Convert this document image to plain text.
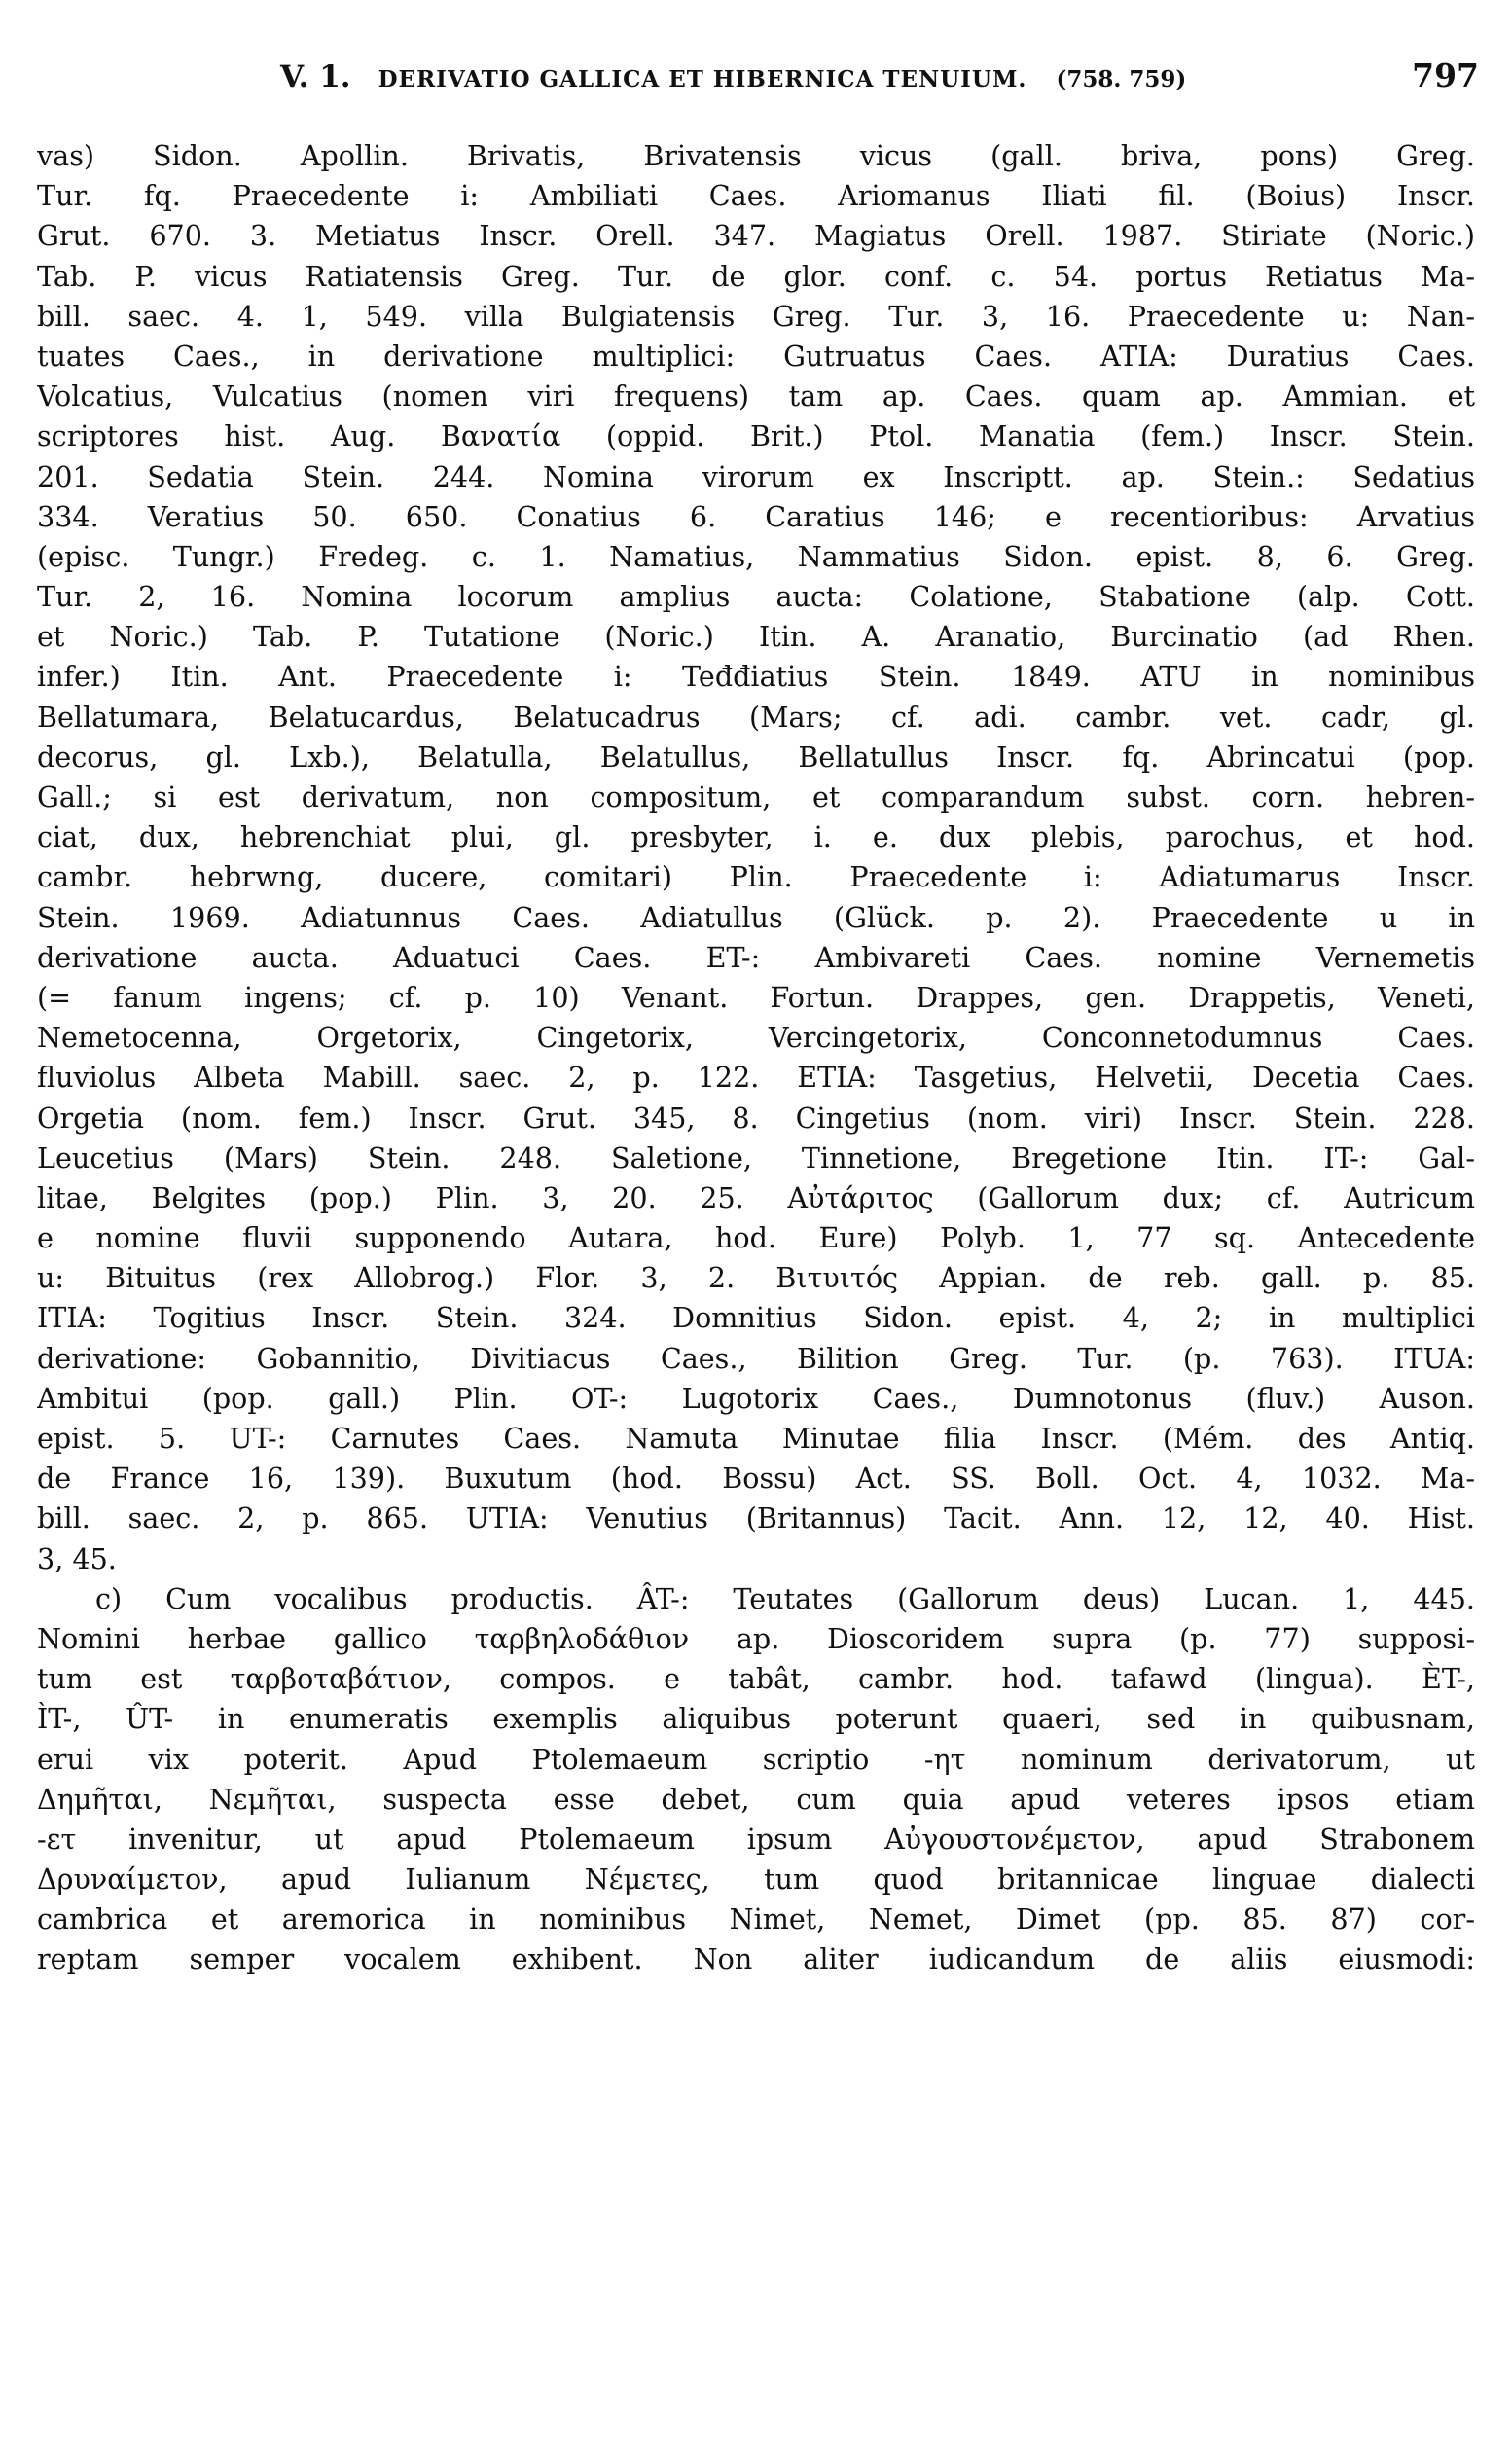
V. 1. DERIVATIO GALLICA ET HIBERNICA TENUIUM. (758. 759)	797
vas) Sidon. Apollin. Brivatis, Brivatensis vicus (gall. briva, pons) Greg.
Tur. fq. Praecedente i: Ambiliati Caes. Ariomanus Iliati fil. (Boius) Inscr.
Grut. 670. 3. Metiatus Inscr. Orell. 347. Magiatus Orell. 1987. Stiriate (Noric.)
Tab. P. vicus Ratiatensis Greg. Tur. de glor. conf. c. 54. portus Retiatus Ma-
bill. saec. 4. 1, 549. villa Bulgiatensis Greg. Tur. 3, 16. Praecedente u: Nan-
tuates Caes., in derivatione multiplici: Gutruatus Caes. ATIA: Duratius Caes.
Volcatius, Vulcatius (nomen viri frequens) tam ap. Caes. quam ap. Ammian. et
scriptores hist. Aug. Βανατία (oppid. Brit.) Ptol. Manatia (fem.) Inscr. Stein.
201. Sedatia Stein. 244. Nomina virorum ex Inscriptt. ap. Stein.: Sedatius
334. Veratius 50. 650. Conatius 6. Caratius 146; e recentioribus: Arvatius
(episc. Tungr.) Fredeg. c. 1. Namatius, Nammatius Sidon. epist. 8, 6. Greg.
Tur. 2, 16. Nomina locorum amplius aucta: Colatione, Stabatione (alp. Cott.
et Noric.) Tab. P. Tutatione (Noric.) Itin. A. Aranatio, Burcinatio (ad Rhen.
infer.) Itin. Ant. Praecedente i: Teđđiatius Stein. 1849. ATU in nominibus
Bellatumara, Belatucardus, Belatucadrus (Mars; cf. adi. cambr. vet. cadr, gl.
decorus, gl. Lxb.), Belatulla, Belatullus, Bellatullus Inscr. fq. Abrincatui (pop.
Gall.; si est derivatum, non compositum, et comparandum subst. corn. hebren-
ciat, dux, hebrenchiat plui, gl. presbyter, i. e. dux plebis, parochus, et hod.
cambr. hebrwng, ducere, comitari) Plin. Praecedente i: Adiatumarus Inscr.
Stein. 1969. Adiatunnus Caes. Adiatullus (Glück. p. 2). Praecedente u in
derivatione aucta. Aduatuci Caes. ET-: Ambivareti Caes. nomine Vernemetis
(= fanum ingens; cf. p. 10) Venant. Fortun. Drappes, gen. Drappetis, Veneti,
Nemetocenna, Orgetorix, Cingetorix, Vercingetorix, Conconnetodumnus Caes.
fluviolus Albeta Mabill. saec. 2, p. 122. ETIA: Tasgetius, Helvetii, Decetia Caes.
Orgetia (nom. fem.) Inscr. Grut. 345, 8. Cingetius (nom. viri) Inscr. Stein. 228.
Leucetius (Mars) Stein. 248. Saletione, Tinnetione, Bregetione Itin. IT-: Gal-
litae, Belgites (pop.) Plin. 3, 20. 25. Αὐτάριτος (Gallorum dux; cf. Autricum
e nomine fluvii supponendo Autara, hod. Eure) Polyb. 1, 77 sq. Antecedente
u: Bituitus (rex Allobrog.) Flor. 3, 2. Βιτυιτός Appian. de reb. gall. p. 85.
ITIA: Togitius Inscr. Stein. 324. Domnitius Sidon. epist. 4, 2; in multiplici
derivatione: Gobannitio, Divitiacus Caes., Bilition Greg. Tur. (p. 763). ITUA:
Ambitui (pop. gall.) Plin. OT-: Lugotorix Caes., Dumnotonus (fluv.) Auson.
epist. 5. UT-: Carnutes Caes. Namuta Minutae filia Inscr. (Mém. des Antiq.
de France 16, 139). Buxutum (hod. Bossu) Act. SS. Boll. Oct. 4, 1032. Ma-
bill. saec. 2, p. 865. UTIA: Venutius (Britannus) Tacit. Ann. 12, 12, 40. Hist.
3, 45.
c) Cum vocalibus productis. ÂT-: Teutates (Gallorum deus) Lucan. 1, 445.
Nomini herbae gallico ταρβηλοδάθιον ap. Dioscoridem supra (p. 77) supposi-
tum est ταρβοταβάτιον, compos. e tabât, cambr. hod. tafawd (lingua). ÈT-,
ÌT-, ÛT- in enumeratis exemplis aliquibus poterunt quaeri, sed in quibusnam,
erui vix poterit. Apud Ptolemaeum scriptio -ητ nominum derivatorum, ut
Δημῆται, Νεμῆται, suspecta esse debet, cum quia apud veteres ipsos etiam
-ετ invenitur, ut apud Ptolemaeum ipsum Αὐγουστονέμετον, apud Strabonem
Δρυναίμετον, apud Iulianum Νέμετες, tum quod britannicae linguae dialecti
cambrica et aremorica in nominibus Nimet, Nemet, Dimet (pp. 85. 87) cor-
reptam semper vocalem exhibent. Non aliter iudicandum de aliis eiusmodi:
